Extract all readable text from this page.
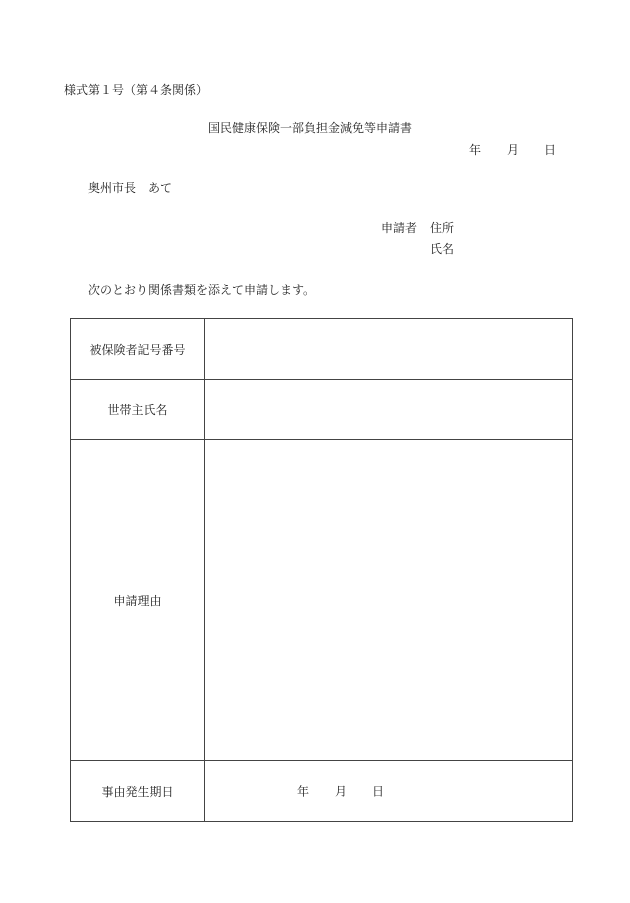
様式第１号（第４条関係）
国民健康保険一部負担金減免等申請書
年 月 日
奥州市長　あて
申請者 住所
氏名
次のとおり関係書類を添えて申請します。
被保険者記号番号	
世帯主氏名	
申請理由	
事由発生期日	年 月 日
